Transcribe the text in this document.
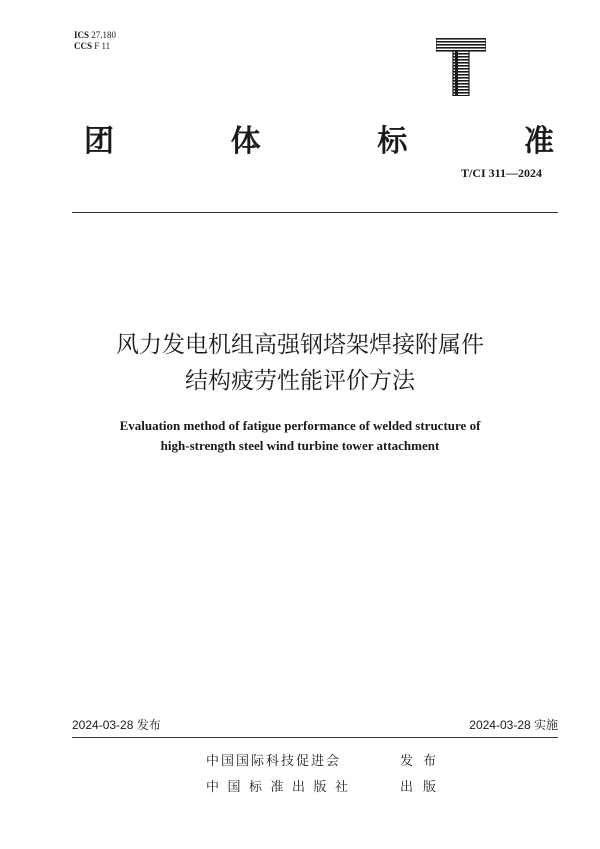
ICS 27.180
CCS F 11
团	体	标	准
T/CI 311—2024
风力发电机组高强钢塔架焊接附属件
结构疲劳性能评价方法
Evaluation method of fatigue performance of welded structure of
high-strength steel wind turbine tower attachment
2024-03-28 发布	2024-03-28 实施
中国国际科技促进会	发布
中国标准出版社	出版
